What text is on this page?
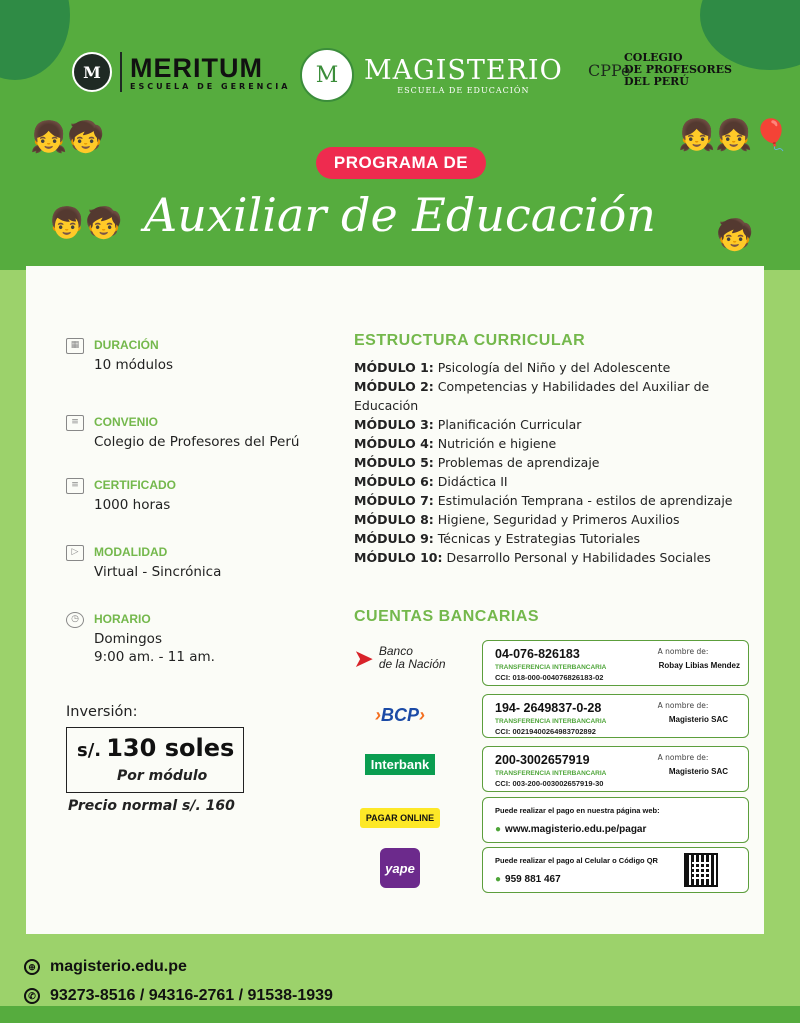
M	MERITUM
ESCUELA DE GERENCIA	M MAGISTERIO
ESCUELA DE EDUCACIÓN
CPPe
COLEGIO
DE PROFESORES
DEL PERÚ
👧🧒
👦🧒
👧👧🎈
🧒
PROGRAMA DE
Auxiliar de Educación
▦	DURACIÓN
10 módulos
≡	CONVENIO
Colegio de Profesores del Perú
≡	CERTIFICADO
1000 horas
▷	MODALIDAD
Virtual - Sincrónica
◷	HORARIO
Domingos
9:00 am. - 11 am.
Inversión:
s/. 130 soles
Por módulo
Precio normal s/. 160
ESTRUCTURA CURRICULAR
MÓDULO 1: Psicología del Niño y del Adolescente
MÓDULO 2: Competencias y Habilidades del Auxiliar de Educación
MÓDULO 3: Planificación Curricular
MÓDULO 4: Nutrición e higiene
MÓDULO 5: Problemas de aprendizaje
MÓDULO 6: Didáctica II
MÓDULO 7: Estimulación Temprana - estilos de aprendizaje
MÓDULO 8: Higiene, Seguridad y Primeros Auxilios
MÓDULO 9: Técnicas y Estrategias Tutoriales
MÓDULO 10: Desarrollo Personal y Habilidades Sociales
CUENTAS BANCARIAS
➤ Banco
de la Nación
04-076-826183
TRANSFERENCIA INTERBANCARIA
CCI: 018-000-004076826183-02
A nombre de:
Robay Libias Mendez
›BCP›	194- 2649837-0-28
TRANSFERENCIA INTERBANCARIA
CCI: 00219400264983702892
A nombre de:
Magisterio SAC
Interbank	200-3002657919
TRANSFERENCIA INTERBANCARIA
CCI: 003-200-003002657919-30
A nombre de:
Magisterio SAC
PAGAR ONLINE
Puede realizar el pago en nuestra página web:
● www.magisterio.edu.pe/pagar
yape	Puede realizar el pago al Celular o Código QR
● 959 881 467
⊕ magisterio.edu.pe
✆ 93273-8516 / 94316-2761 / 91538-1939
